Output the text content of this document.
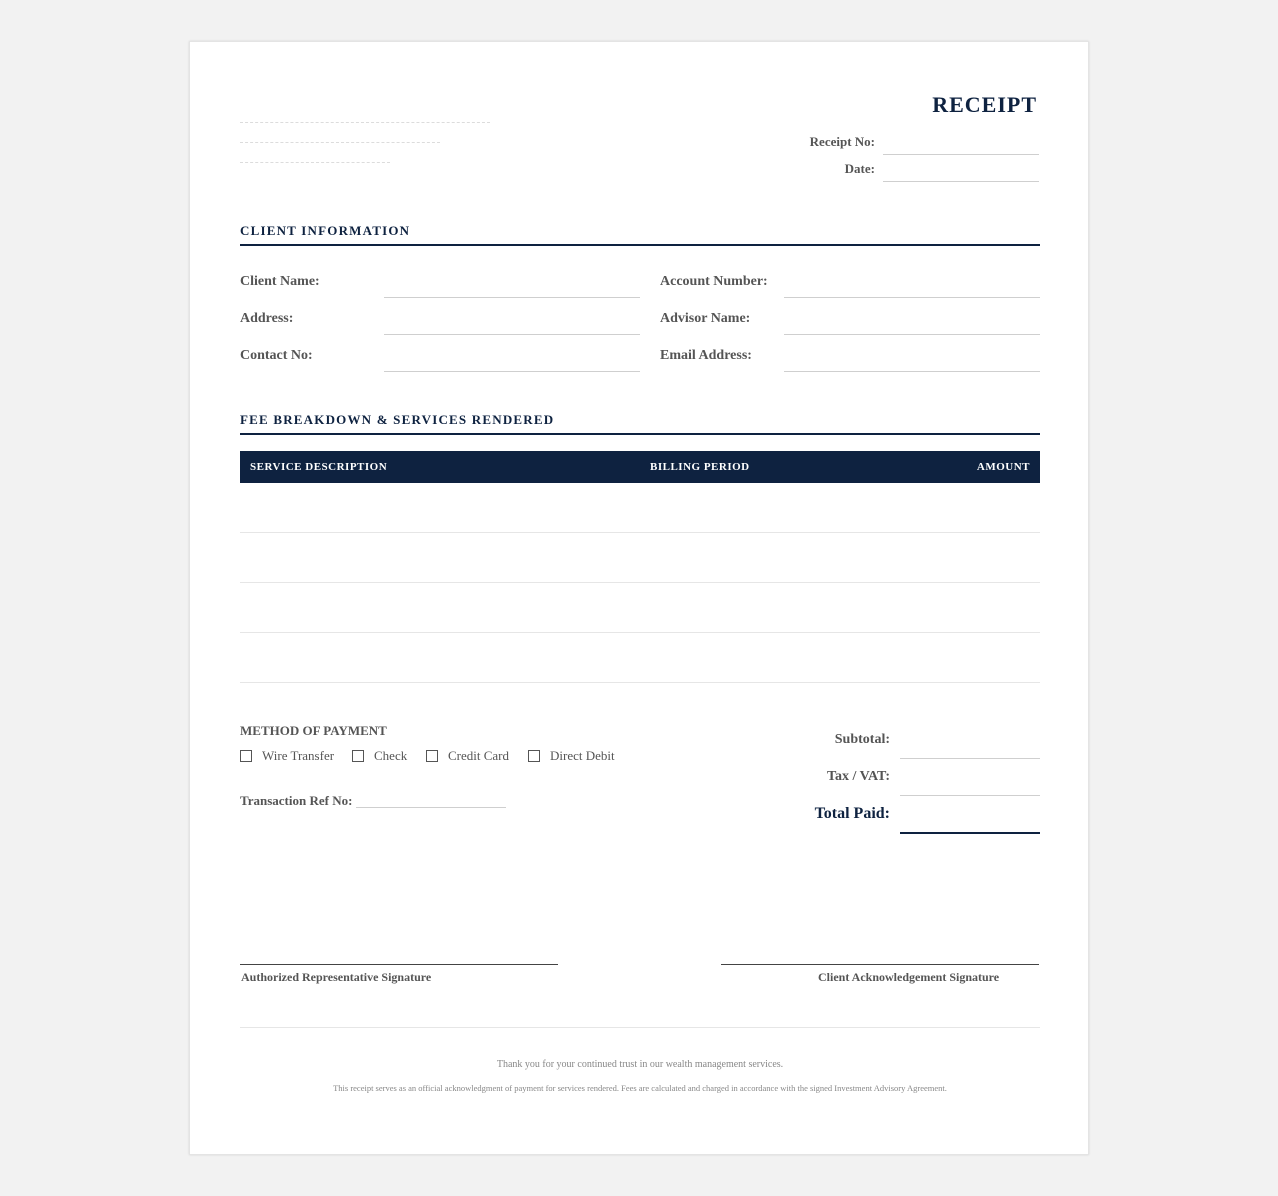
RECEIPT
Receipt No:
Date:
CLIENT INFORMATION
Client Name:
Address:
Contact No:
Account Number:
Advisor Name:
Email Address:
FEE BREAKDOWN & SERVICES RENDERED
SERVICE DESCRIPTION	BILLING PERIOD	AMOUNT
METHOD OF PAYMENT
Wire Transfer	Check	Credit Card	Direct Debit
Transaction Ref No:
Subtotal:
Tax / VAT:
Total Paid:
Authorized Representative Signature	Client Acknowledgement Signature
Thank you for your continued trust in our wealth management services.
This receipt serves as an official acknowledgment of payment for services rendered. Fees are calculated and charged in accordance with the signed Investment Advisory Agreement.
